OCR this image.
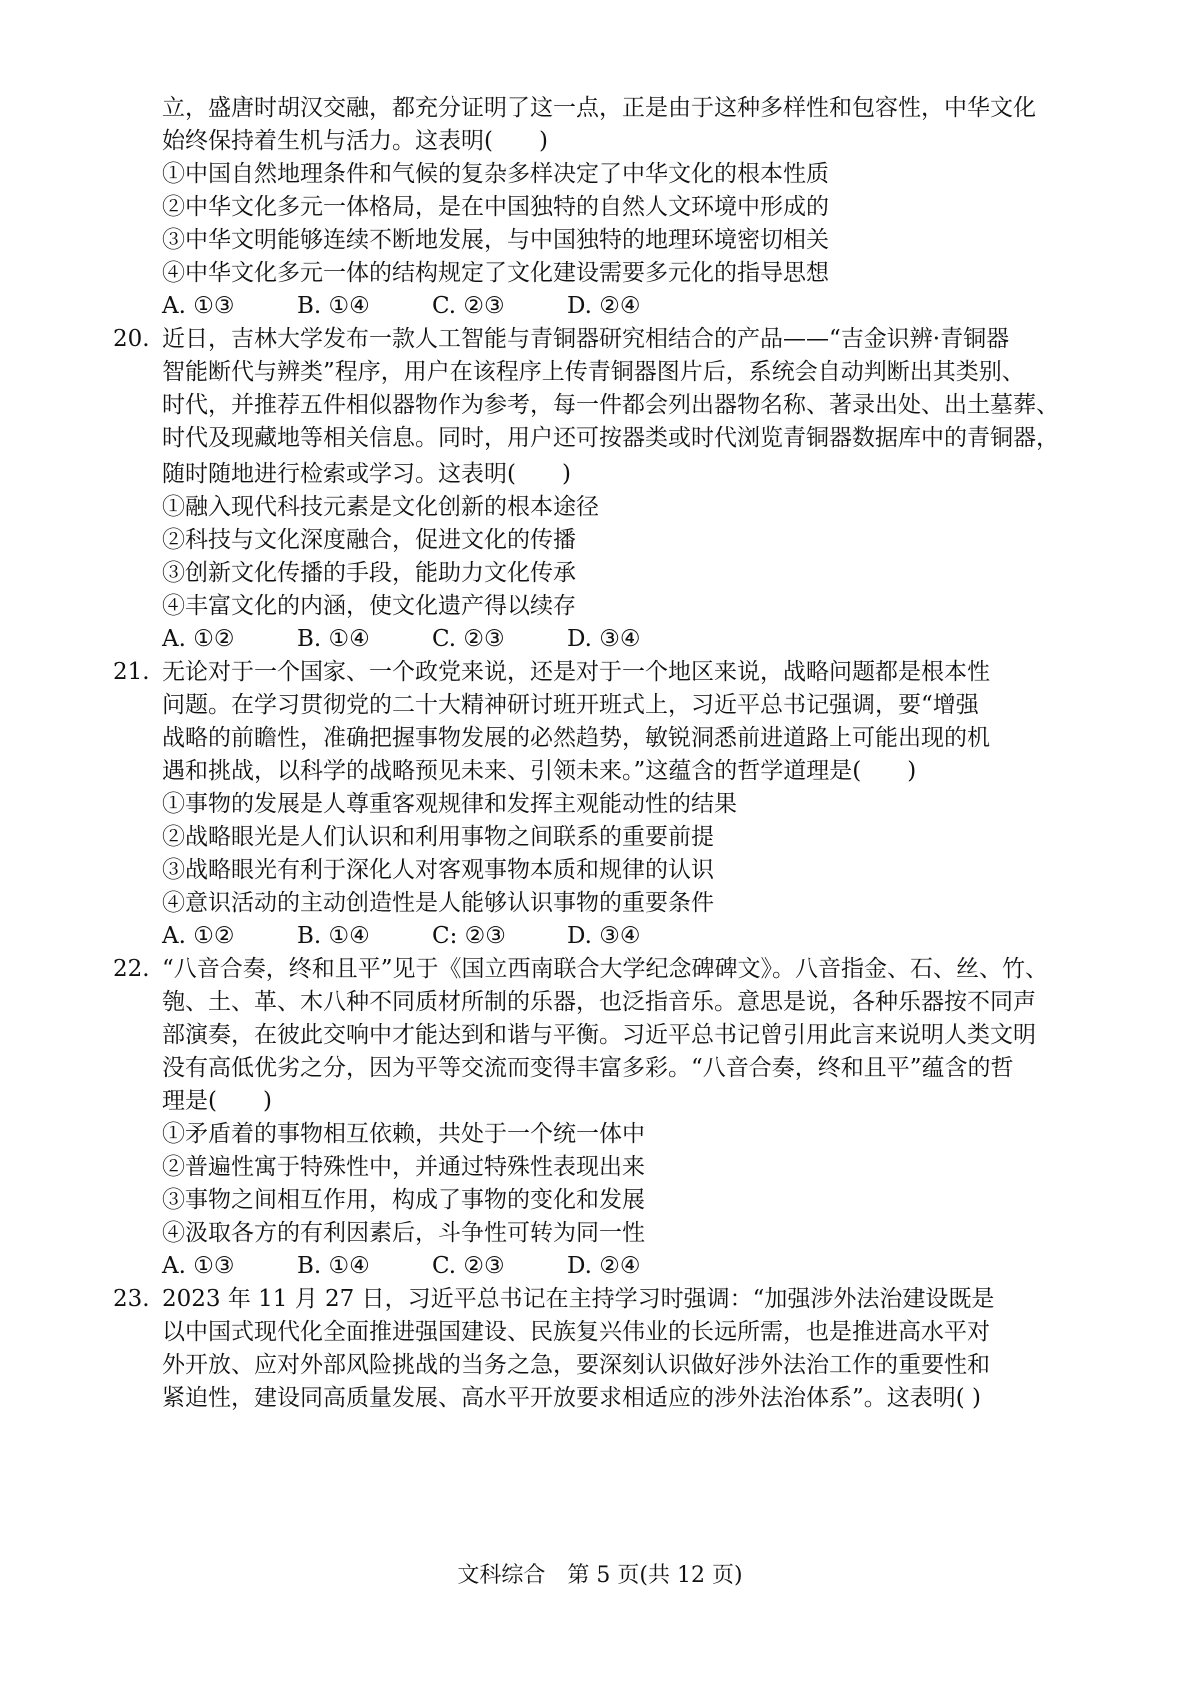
立，盛唐时胡汉交融，都充分证明了这一点，正是由于这种多样性和包容性，中华文化
始终保持着生机与活力。这表明(　　)
①中国自然地理条件和气候的复杂多样决定了中华文化的根本性质
②中华文化多元一体格局，是在中国独特的自然人文环境中形成的
③中华文明能够连续不断地发展，与中国独特的地理环境密切相关
④中华文化多元一体的结构规定了文化建设需要多元化的指导思想
A. ①③	B. ①④	C. ②③	D. ②④
20. 近日，吉林大学发布一款人工智能与青铜器研究相结合的产品——“吉金识辨·青铜器
智能断代与辨类”程序，用户在该程序上传青铜器图片后，系统会自动判断出其类别、
时代，并推荐五件相似器物作为参考，每一件都会列出器物名称、著录出处、出土墓葬、
时代及现藏地等相关信息。同时，用户还可按器类或时代浏览青铜器数据库中的青铜器，
随时随地进行检索或学习。这表明(　　)
①融入现代科技元素是文化创新的根本途径
②科技与文化深度融合，促进文化的传播
③创新文化传播的手段，能助力文化传承
④丰富文化的内涵，使文化遗产得以续存
A. ①②	B. ①④	C. ②③	D. ③④
21. 无论对于一个国家、一个政党来说，还是对于一个地区来说，战略问题都是根本性
问题。在学习贯彻党的二十大精神研讨班开班式上，习近平总书记强调，要“增强
战略的前瞻性，准确把握事物发展的必然趋势，敏锐洞悉前进道路上可能出现的机
遇和挑战，以科学的战略预见未来、引领未来。”这蕴含的哲学道理是(　　)
①事物的发展是人尊重客观规律和发挥主观能动性的结果
②战略眼光是人们认识和利用事物之间联系的重要前提
③战略眼光有利于深化人对客观事物本质和规律的认识
④意识活动的主动创造性是人能够认识事物的重要条件
A. ①②	B. ①④	C: ②③	D. ③④
22. “八音合奏，终和且平”见于《国立西南联合大学纪念碑碑文》。八音指金、石、丝、竹、
匏、土、革、木八种不同质材所制的乐器，也泛指音乐。意思是说，各种乐器按不同声
部演奏，在彼此交响中才能达到和谐与平衡。习近平总书记曾引用此言来说明人类文明
没有高低优劣之分，因为平等交流而变得丰富多彩。“八音合奏，终和且平”蕴含的哲
理是(　　)
①矛盾着的事物相互依赖，共处于一个统一体中
②普遍性寓于特殊性中，并通过特殊性表现出来
③事物之间相互作用，构成了事物的变化和发展
④汲取各方的有利因素后，斗争性可转为同一性
A. ①③	B. ①④	C. ②③	D. ②④
23. 2023 年 11 月 27 日，习近平总书记在主持学习时强调：“加强涉外法治建设既是
以中国式现代化全面推进强国建设、民族复兴伟业的长远所需，也是推进高水平对
外开放、应对外部风险挑战的当务之急，要深刻认识做好涉外法治工作的重要性和
紧迫性，建设同高质量发展、高水平开放要求相适应的涉外法治体系”。这表明( )
文科综合　第 5 页(共 12 页)
